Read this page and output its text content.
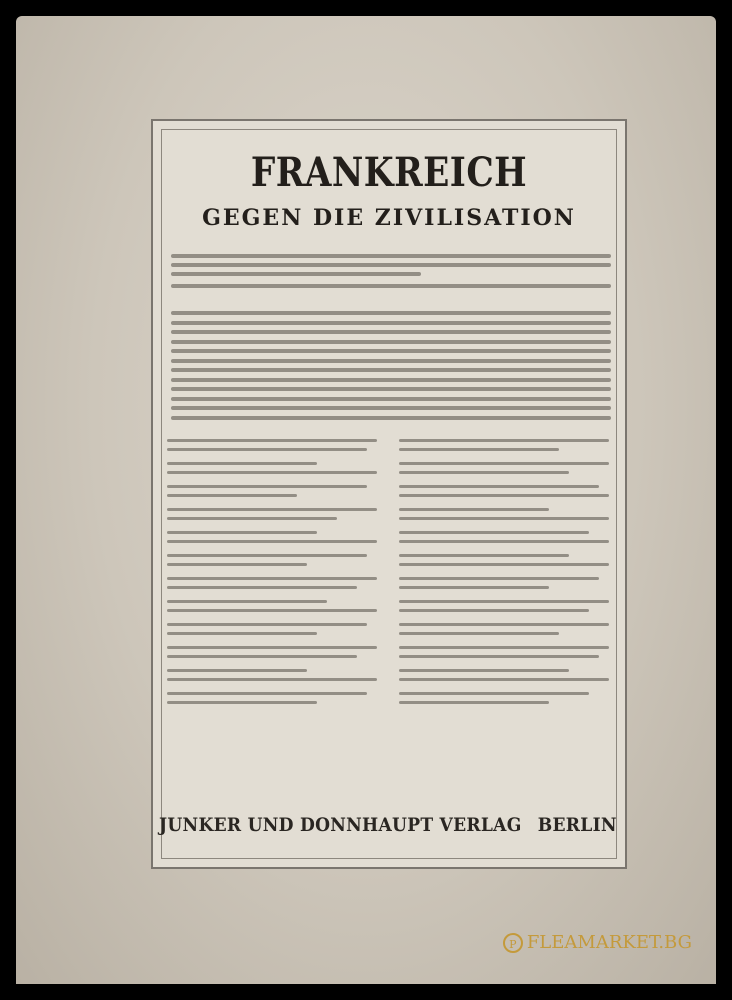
FRANKREICH
GEGEN DIE ZIVILISATION
JUNKER UND DONNHAUPT VERLAG BERLIN
P FLEAMARKET.BG
